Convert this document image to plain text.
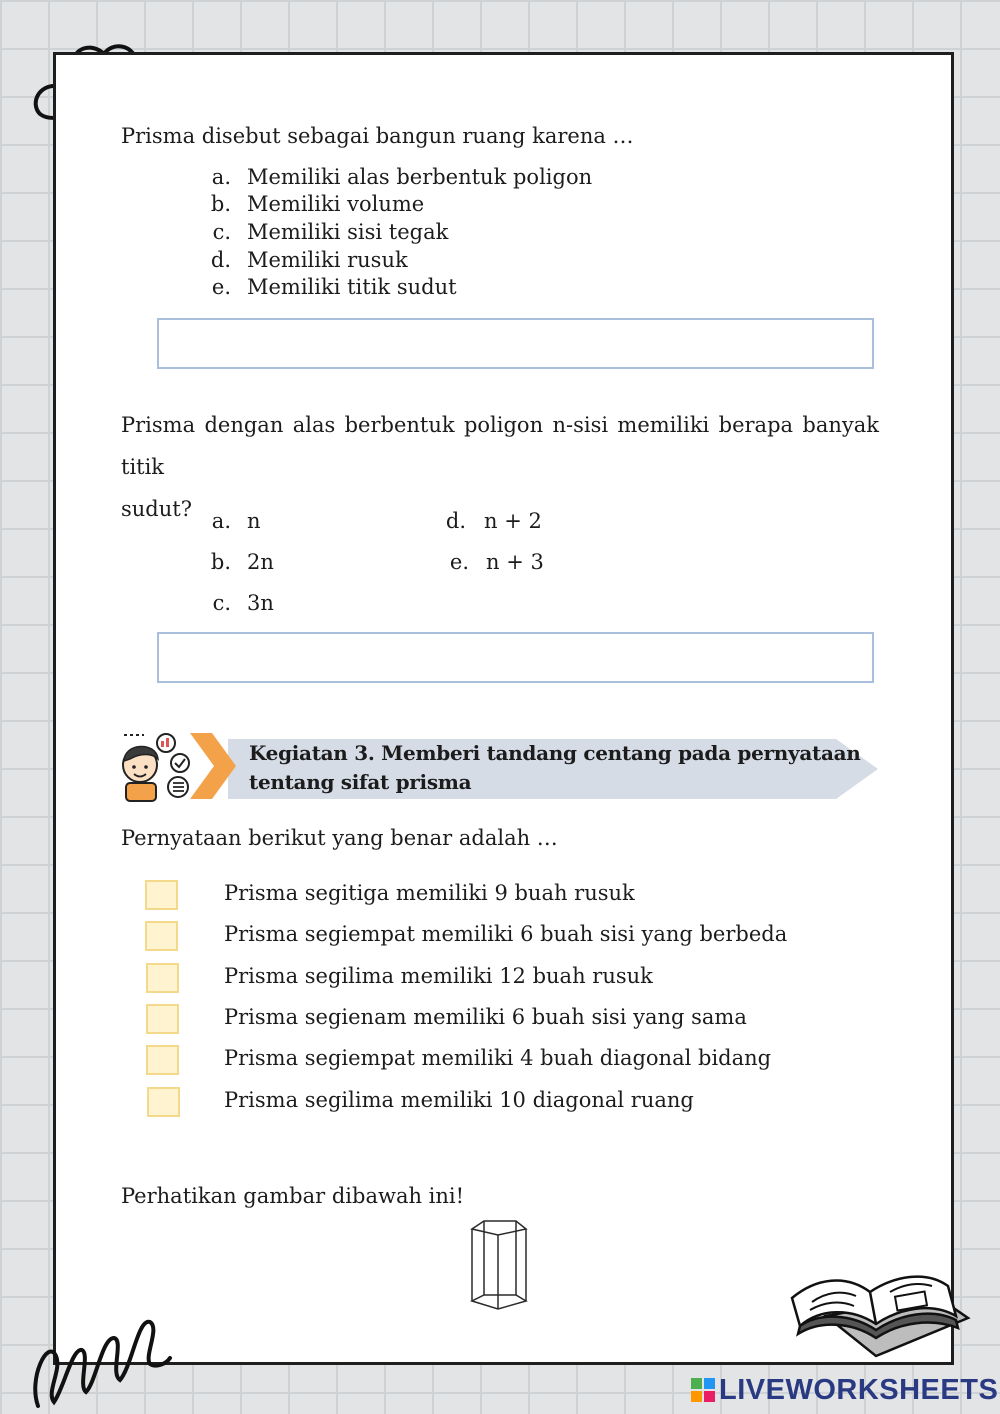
Prisma disebut sebagai bangun ruang karena …
a. Memiliki alas berbentuk poligon
b. Memiliki volume
c. Memiliki sisi tegak
d. Memiliki rusuk
e. Memiliki titik sudut
Prisma dengan alas berbentuk poligon n-sisi memiliki berapa banyak titik
sudut? a. n
b. 2n
c. 3n
d. n + 2
e. n + 3
Kegiatan 3. Memberi tandang centang pada pernyataan
tentang sifat prisma
Pernyataan berikut yang benar adalah …
Prisma segitiga memiliki 9 buah rusuk
Prisma segiempat memiliki 6 buah sisi yang berbeda
Prisma segilima memiliki 12 buah rusuk
Prisma segienam memiliki 6 buah sisi yang sama
Prisma segiempat memiliki 4 buah diagonal bidang
Prisma segilima memiliki 10 diagonal ruang
Perhatikan gambar dibawah ini!
LIVEWORKSHEETS
